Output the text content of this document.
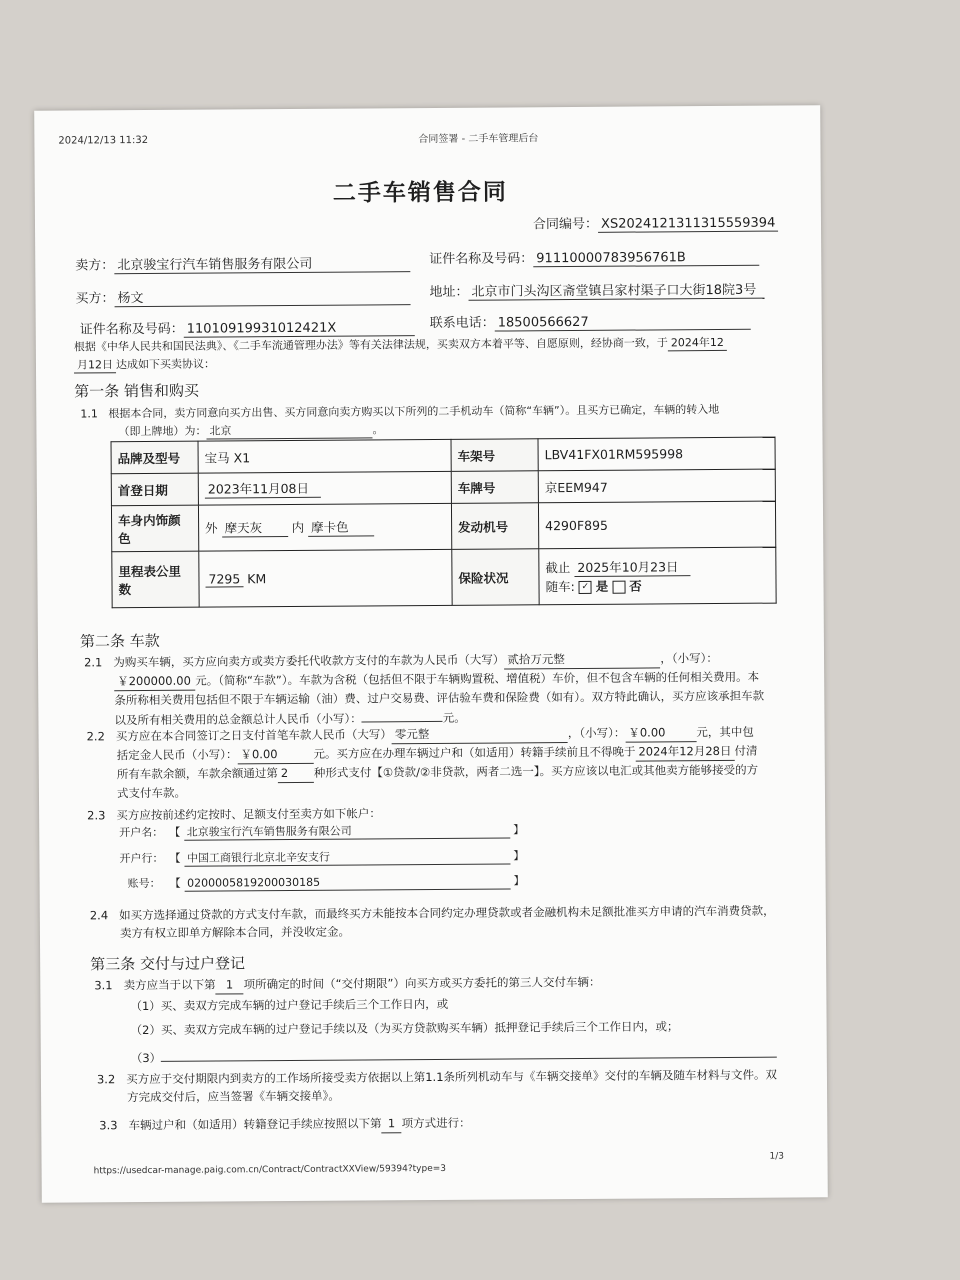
2024/12/13 11:32	合同签署 - 二手车管理后台
二手车销售合同
合同编号： XS20241213113155593​94
卖方： 北京骏宝行汽车销售服务有限公司	证件名称及号码： 91110000783956761B
买方： 杨文	地址： 北京市门头沟区斋堂镇吕家村渠子口大街18院3号
证件名称及号码： 11010919931012421X	联系电话： 18500566627
根据《中华人民共和国民法典》、《二手车流通管理办法》等有关法律法规，买卖双方本着平等、自愿原则，经协商一致，于 2024年12
月12日 达成如下买卖协议：
第一条 销售和购买
1.1 根据本合同，卖方同意向买方出售、买方同意向卖方购买以下所列的二手机动车（简称“车辆”）。且买方已确定，车辆的转入地
（即上牌地）为： 北京	。
品牌及型号	宝马 X1	车架号	LBV41FX01RM595998
首登日期	2023年11月08日	车牌号	京EEM947
车身内饰颜色	外 摩天灰 内 摩卡色	发动机号	4290F895
里程表公里数	7295 KM	保险状况	截止 2025年10月23日
随车: ✓ 是 否
第二条 车款
2.1 为购买车辆，买方应向卖方或卖方委托代收款方支付的车款为人民币（大写） 贰拾万元整	，（小写）：
￥200000.00 元。（简称“车款”）。车款为含税（包括但不限于车辆购置税、增值税）车价，但不包含车辆的任何相关费用。本
条所称相关费用包括但不限于车辆运输（油）费、过户交易费、评估验车费和保险费（如有）。双方特此确认，买方应该承担车款
以及所有相关费用的总金额总计人民币（小写）：	元。
2.2 买方应在本合同签订之日支付首笔车款人民币（大写） 零元整	，（小写）： ￥0.00	元，其中包
括定金人民币（小写）： ￥0.00	元。买方应在办理车辆过户和（如适用）转籍手续前且不得晚于 2024年12月28日 付清
所有车款余额，车款余额通过第 2 种形式支付【①贷款/②非贷款，两者二选一】。买方应该以电汇或其他卖方能够接受的方
式支付车款。
2.3 买方应按前述约定按时、足额支付至卖方如下帐户：
开户名： 【 北京骏宝行汽车销售服务有限公司	】
开户行： 【 中国工商银行北京北辛安支行	】
账号： 【 0200005819200030185	】
2.4 如买方选择通过贷款的方式支付车款，而最终买方未能按本合同约定办理贷款或者金融机构未足额批准买方申请的汽车消费贷款，
卖方有权立即单方解除本合同，并没收定金。
第三条 交付与过户登记
3.1 卖方应当于以下第 1 项所确定的时间（“交付期限”）向买方或买方委托的第三人交付车辆：
（1）买、卖双方完成车辆的过户登记手续后三个工作日内，或
（2）买、卖双方完成车辆的过户登记手续以及（为买方贷款购买车辆）抵押登记手续后三个工作日内，或；
（3）
3.2 买方应于交付期限内到卖方的工作场所接受卖方依据以上第1.1条所列机动车与《车辆交接单》交付的车辆及随车材料与文件。双
方完成交付后，应当签署《车辆交接单》。
3.3 车辆过户和（如适用）转籍登记手续应按照以下第 1 项方式进行：
https://usedcar-manage.paig.com.cn/Contract/ContractXXView/59394?type=3
1/3
